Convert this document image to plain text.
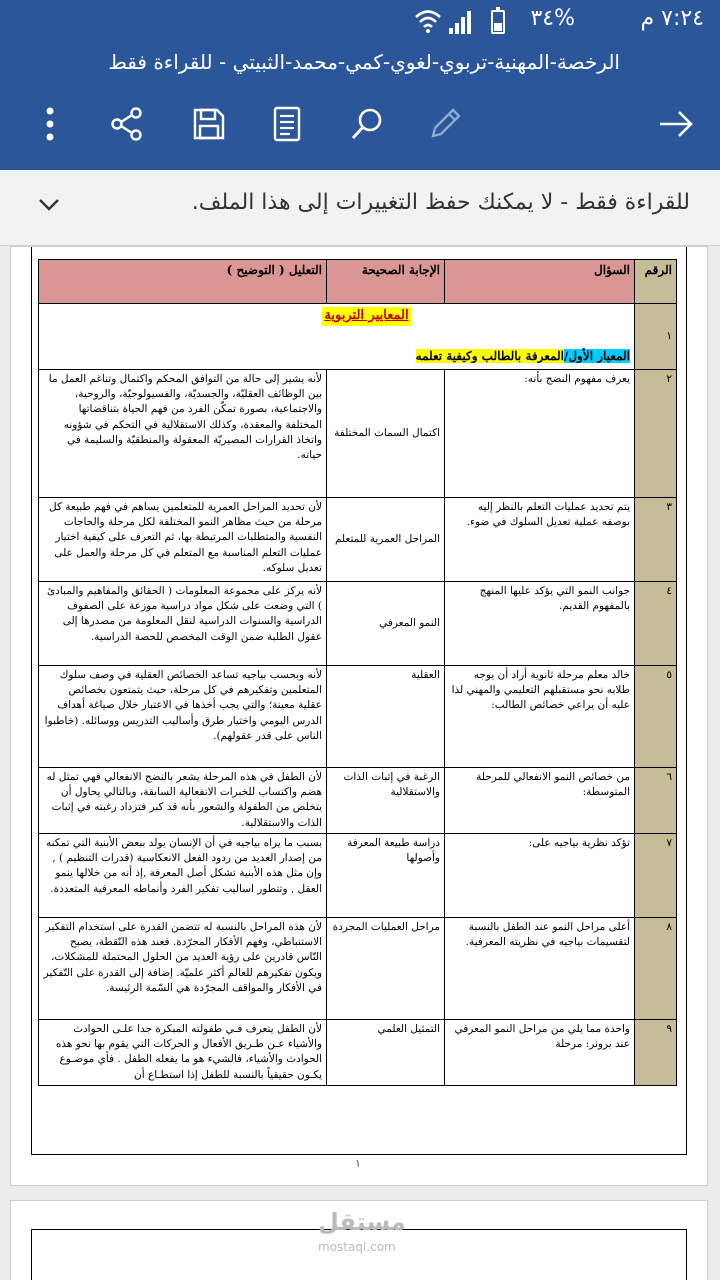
٣٤%	٧:٢٤ م
الرخصة-المهنية-تربوي-لغوي-كمي-محمد-الثبيتي - للقراءة فقط
للقراءة فقط - لا يمكنك حفظ التغييرات إلى هذا الملف.
الرقم	السؤال	الإجابة الصحيحة	التعليل ( التوضيح )
١	المعايير التربوية
المعيار الأول/المعرفة بالطالب وكيفية تعلمه		

٢	يعرف مفهوم النضج بأنه:	اكتمال السمات المختلفة	لأنه يشير إلى حالة من التوافق المحكم واكتمال وتناغم العمل ما بين الوظائف العقليّة، والجسديّة، والفسيولوجيّة، والروحية، والاجتماعية، بصورة تمكّن الفرد من فهم الحياة بتناقضاتها المختلفة والمعقدة، وكذلك الاستقلالية في التحكم في شؤونه واتخاذ القرارات المصيريّة المعقولة والمنطقيّة والسليمة في حياته.
٣	يتم تحديد عمليات التعلم بالنظر إليه بوصفه عملية تعديل السلوك في ضوء.	المراحل العمرية للمتعلم	لأن تحديد المراحل العمرية للمتعلمين يساهم في فهم طبيعة كل مرحلة من حيث مظاهر النمو المختلفة لكل مرحلة والحاجات النفسية والمتطلبات المرتبطة بها، ثم التعرف على كيفية اختيار عمليات التعلم المناسبة مع المتعلم في كل مرحلة والعمل على تعديل سلوكه.
٤	جوانب النمو التي يؤكد عليها المنهج بالمفهوم القديم.	النمو المعرفي	لأنه يركز على مجموعة المعلومات ( الحقائق والمفاهيم والمبادئ ) التي وضعت على شكل مواد دراسية موزعة على الصفوف الدراسية والسنوات الدراسية لنقل المعلومة من مصدرها إلى عقول الطلبة ضمن الوقت المخصص للحصة الدراسية.
٥	خالد معلم مرحلة ثانوية أراد أن يوجه طلابه نحو مستقبلهم التعليمي والمهني لذا عليه أن يراعي خصائص الطالب:	العقلية	لأنه وبحسب بياجيه تساعد الخصائص العقلية في وصف سلوك المتعلمين وتفكيرهم في كل مرحلة، حيث يتمتعون بخصائص عقلية معينة؛ والتي يجب أخذها في الاعتبار خلال صياغة أهداف الدرس اليومي واختيار طرق وأساليب التدريس ووسائله. (خاطبوا الناس على قدر عقولهم).
٦	من خصائص النمو الانفعالي للمرحلة المتوسطة:	الرغبة في إثبات الذات والاستقلالية	لأن الطفل في هذه المرحلة يشعر بالنضج الانفعالي فهي تمثل له هضم واكتساب للخبرات الانفعالية السابقة، وبالتالي يحاول أن يتخلص من الطفولة والشعور بأنه قد كبر فتزداد رغبته في إثبات الذات والاستقلالية.
٧	تؤكد نظرية بياجيه على:	دراسة طبيعة المعرفة وأصولها	بسبب ما يراه بياجيه في أن الإنسان يولد ببعض الأبنية التي تمكنه من إصدار العديد من ردود الفعل الانعكاسية (قدرات التنظيم ) , وإن مثل هذه الأبنية تشكل أصل المعرفة ,إذ أنه من خلالها ينمو العقل , وتتطور اساليب تفكير الفرد وأنماطه المعرفية المتعددة.
٨	أعلى مراحل النمو عند الطفل بالنسبة لتقسيمات بياجيه في نظريته المعرفية.	مراحل العمليات المجردة	لأن هذه المراحل بالنسبة له تتضمن القدرة على استخدام التفكير الاستنباطي، وفهم الأفكار المجرّدة. فعند هذه النّقطة، يصبح النّاس قادرين على رؤية العديد من الحلول المحتملة للمشكلات، ويكون تفكيرهم للعالم أكثر علميّة. إضافة إلى القدرة على التّفكير في الأفكار والمواقف المجرّدة هي السّمة الرئيسة.
٩	واحدة مما يلي من مراحل النمو المعرفي عند برونر: مرحلة	التمثيل العلمي	لأن الطفل يتعرف فـي طفولته المبكرة جدا علـى الحوادث والأشياء عـن طـريق الأفعال و الحركات التي يقوم بها نحو هذه الحوادث والأشياء، فالشيء هو ما يفعله الطفل . فأي موضـوع يكـون حقيقياً بالنسبة للطفل إذا استطـاع أن
١
مستقل
mostaql.com
